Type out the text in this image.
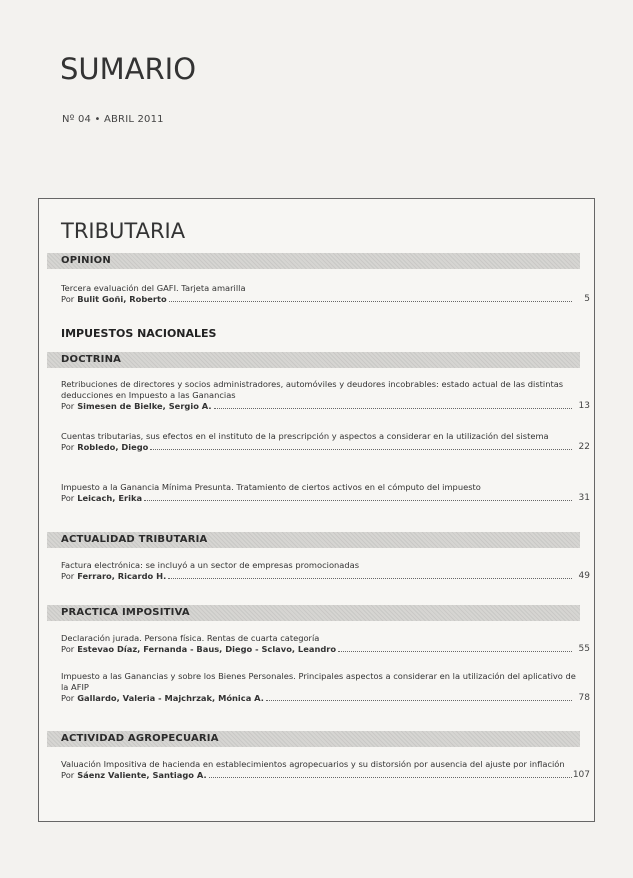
SUMARIO
Nº 04 • ABRIL 2011
TRIBUTARIA
OPINION
Tercera evaluación del GAFI. Tarjeta amarilla
Por Bulit Goñi, Roberto	5
IMPUESTOS NACIONALES
DOCTRINA
Retribuciones de directores y socios administradores, automóviles y deudores incobrables: estado actual de las distintas deducciones en Impuesto a las Ganancias
Por Simesen de Bielke, Sergio A.	13
Cuentas tributarias, sus efectos en el instituto de la prescripción y aspectos a considerar en la utilización del sistema
Por Robledo, Diego	22
Impuesto a la Ganancia Mínima Presunta. Tratamiento de ciertos activos en el cómputo del impuesto
Por Leicach, Erika	31
ACTUALIDAD TRIBUTARIA
Factura electrónica: se incluyó a un sector de empresas promocionadas
Por Ferraro, Ricardo H.	49
PRACTICA IMPOSITIVA
Declaración jurada. Persona física. Rentas de cuarta categoría
Por Estevao Díaz, Fernanda - Baus, Diego - Sclavo, Leandro	55
Impuesto a las Ganancias y sobre los Bienes Personales. Principales aspectos a considerar en la utilización del aplicativo de la AFIP
Por Gallardo, Valeria - Majchrzak, Mónica A.	78
ACTIVIDAD AGROPECUARIA
Valuación Impositiva de hacienda en establecimientos agropecuarios y su distorsión por ausencia del ajuste por inflación
Por Sáenz Valiente, Santiago A.	107
